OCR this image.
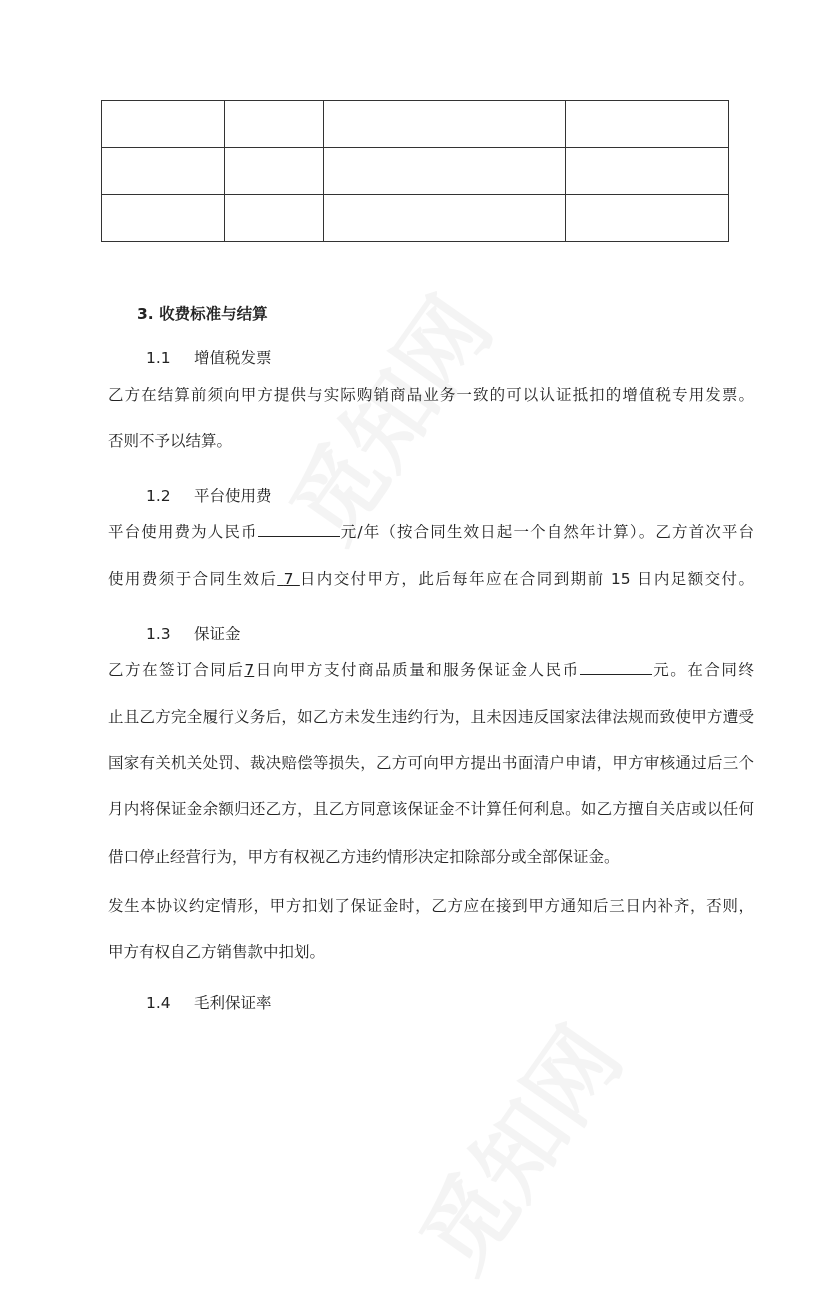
3. 收费标准与结算
1.1 增值税发票
乙方在结算前须向甲方提供与实际购销商品业务一致的可以认证抵扣的增值税专用发票。
否则不予以结算。
1.2 平台使用费
平台使用费为人民币	元/年（按合同生效日起一个自然年计算）。乙方首次平台
使用费须于合同生效后 7 日内交付甲方，此后每年应在合同到期前 15 日内足额交付。
1.3 保证金
乙方在签订合同后7日向甲方支付商品质量和服务保证金人民币	元。在合同终
止且乙方完全履行义务后，如乙方未发生违约行为，且未因违反国家法律法规而致使甲方遭受
国家有关机关处罚、裁决赔偿等损失，乙方可向甲方提出书面清户申请，甲方审核通过后三个
月内将保证金余额归还乙方，且乙方同意该保证金不计算任何利息。如乙方擅自关店或以任何
借口停止经营行为，甲方有权视乙方违约情形决定扣除部分或全部保证金。
发生本协议约定情形，甲方扣划了保证金时，乙方应在接到甲方通知后三日内补齐，否则，
甲方有权自乙方销售款中扣划。
1.4 毛利保证率
